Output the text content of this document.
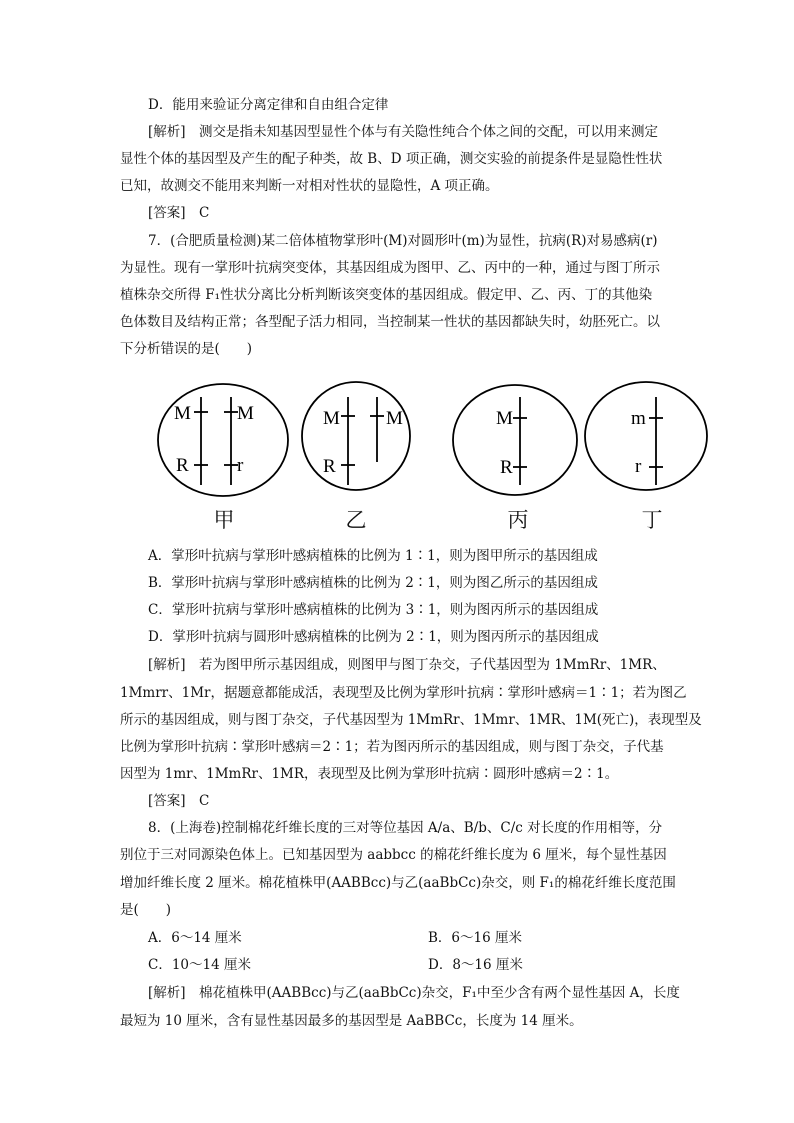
D．能用来验证分离定律和自由组合定律
[解析]　测交是指未知基因型显性个体与有关隐性纯合个体之间的交配，可以用来测定
显性个体的基因型及产生的配子种类，故 B、D 项正确，测交实验的前提条件是显隐性性状
已知，故测交不能用来判断一对相对性状的显隐性，A 项正确。
[答案]　C
7．(合肥质量检测)某二倍体植物掌形叶(M)对圆形叶(m)为显性，抗病(R)对易感病(r)
为显性。现有一掌形叶抗病突变体，其基因组成为图甲、乙、丙中的一种，通过与图丁所示
植株杂交所得 F₁性状分离比分析判断该突变体的基因组成。假定甲、乙、丙、丁的其他染
色体数目及结构正常；各型配子活力相同，当控制某一性状的基因都缺失时，幼胚死亡。以
下分析错误的是(　　)
M M
R	r
M M
R
M
R
m
r
甲	乙	丙	丁
A．掌形叶抗病与掌形叶感病植株的比例为 1∶1，则为图甲所示的基因组成
B．掌形叶抗病与掌形叶感病植株的比例为 2∶1，则为图乙所示的基因组成
C．掌形叶抗病与掌形叶感病植株的比例为 3∶1，则为图丙所示的基因组成
D．掌形叶抗病与圆形叶感病植株的比例为 2∶1，则为图丙所示的基因组成
[解析]　若为图甲所示基因组成，则图甲与图丁杂交，子代基因型为 1MmRr、1MR、
1Mmrr、1Mr，据题意都能成活，表现型及比例为掌形叶抗病∶掌形叶感病＝1∶1；若为图乙
所示的基因组成，则与图丁杂交，子代基因型为 1MmRr、1Mmr、1MR、1M(死亡)，表现型及
比例为掌形叶抗病∶掌形叶感病＝2∶1；若为图丙所示的基因组成，则与图丁杂交，子代基
因型为 1mr、1MmRr、1MR，表现型及比例为掌形叶抗病∶圆形叶感病＝2∶1。
[答案]　C
8．(上海卷)控制棉花纤维长度的三对等位基因 A/a、B/b、C/c 对长度的作用相等，分
别位于三对同源染色体上。已知基因型为 aabbcc 的棉花纤维长度为 6 厘米，每个显性基因
增加纤维长度 2 厘米。棉花植株甲(AABBcc)与乙(aaBbCc)杂交，则 F₁的棉花纤维长度范围
是(　　)
A．6～14 厘米	B．6～16 厘米
C．10～14 厘米	D．8～16 厘米
[解析]　棉花植株甲(AABBcc)与乙(aaBbCc)杂交，F₁中至少含有两个显性基因 A，长度
最短为 10 厘米，含有显性基因最多的基因型是 AaBBCc，长度为 14 厘米。
